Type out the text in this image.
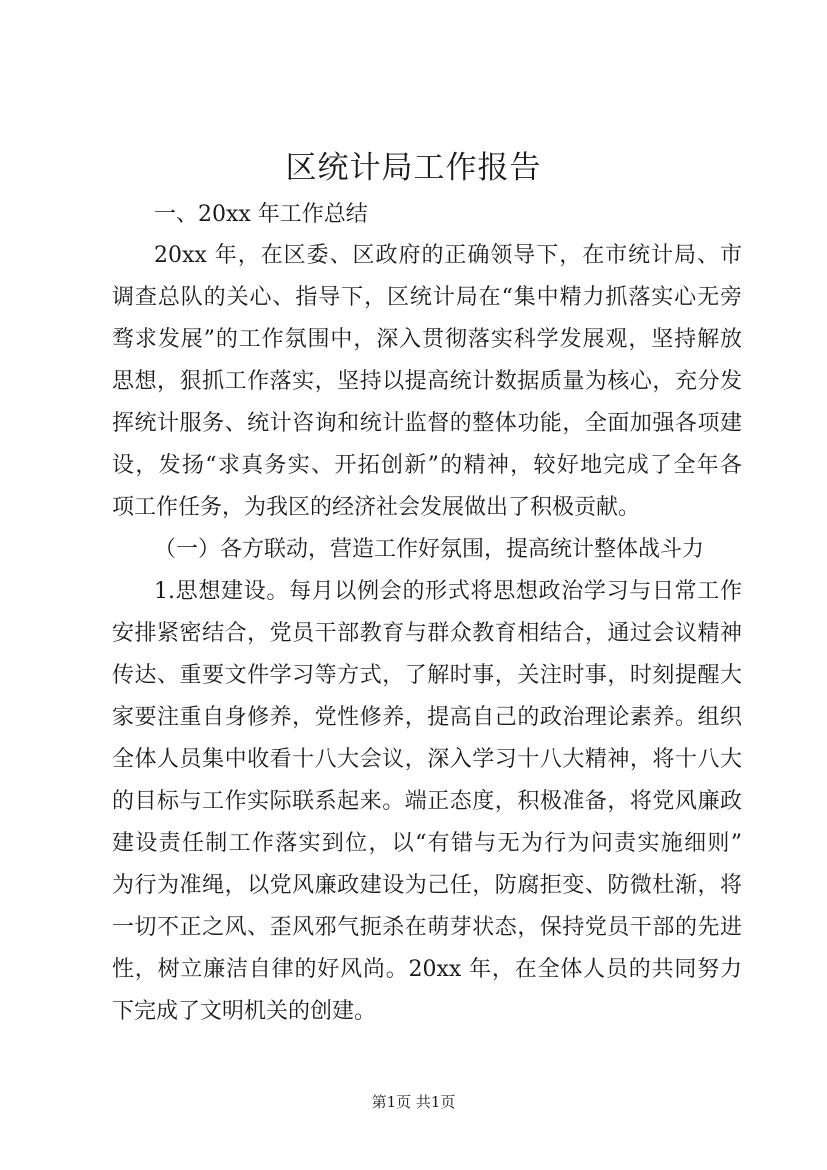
区统计局工作报告
一、20xx 年工作总结
20xx 年，在区委、区政府的正确领导下，在市统计局、市
调查总队的关心、指导下，区统计局在“集中精力抓落实心无旁
骛求发展”的工作氛围中，深入贯彻落实科学发展观，坚持解放
思想，狠抓工作落实，坚持以提高统计数据质量为核心，充分发
挥统计服务、统计咨询和统计监督的整体功能，全面加强各项建
设，发扬“求真务实、开拓创新”的精神，较好地完成了全年各
项工作任务，为我区的经济社会发展做出了积极贡献。
（一）各方联动，营造工作好氛围，提高统计整体战斗力
1.思想建设。每月以例会的形式将思想政治学习与日常工作
安排紧密结合，党员干部教育与群众教育相结合，通过会议精神
传达、重要文件学习等方式，了解时事，关注时事，时刻提醒大
家要注重自身修养，党性修养，提高自己的政治理论素养。组织
全体人员集中收看十八大会议，深入学习十八大精神，将十八大
的目标与工作实际联系起来。端正态度，积极准备，将党风廉政
建设责任制工作落实到位，以“有错与无为行为问责实施细则”
为行为准绳，以党风廉政建设为己任，防腐拒变、防微杜渐，将
一切不正之风、歪风邪气扼杀在萌芽状态，保持党员干部的先进
性，树立廉洁自律的好风尚。20xx 年，在全体人员的共同努力
下完成了文明机关的创建。
第1页 共1页
